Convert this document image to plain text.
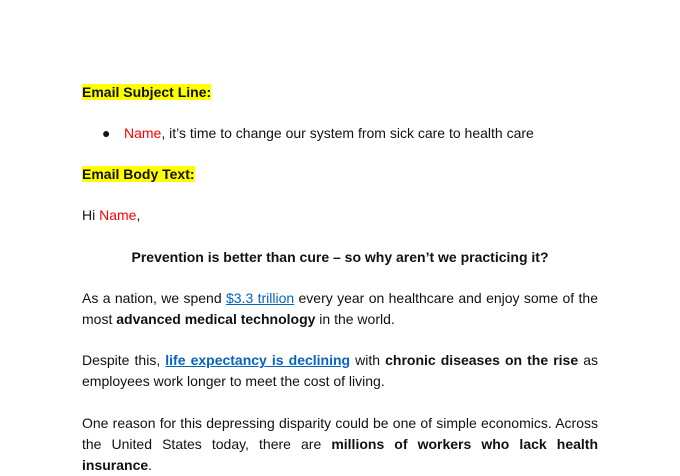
Email Subject Line:
● Name, it’s time to change our system from sick care to health care
Email Body Text:
Hi Name,
Prevention is better than cure – so why aren’t we practicing it?
As a nation, we spend $3.3 trillion every year on healthcare and enjoy some of the most advanced medical technology in the world.
Despite this, life expectancy is declining with chronic diseases on the rise as employees work longer to meet the cost of living.
One reason for this depressing disparity could be one of simple economics. Across the United States today, there are millions of workers who lack health insurance.
